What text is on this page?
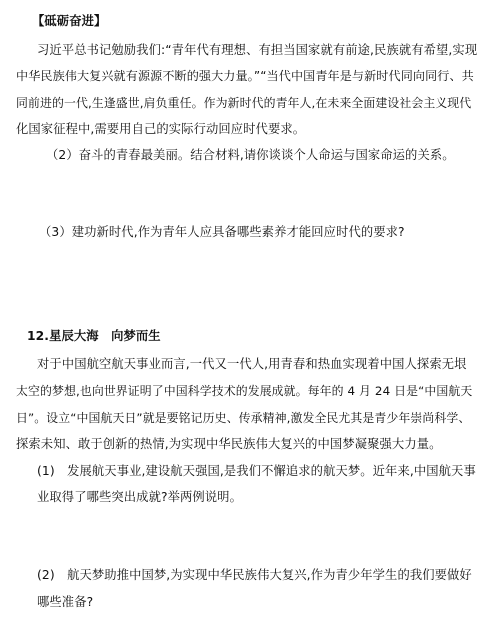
【砥砺奋进】
习近平总书记勉励我们:“青年代有理想、有担当国家就有前途,民族就有希望,实现
中华民族伟大复兴就有源源不断的强大力量。”“当代中国青年是与新时代同向同行、共
同前进的一代,生逢盛世,肩负重任。作为新时代的青年人,在未来全面建设社会主义现代
化国家征程中,需要用自己的实际行动回应时代要求。
（2）奋斗的青春最美丽。结合材料,请你谈谈个人命运与国家命运的关系。
（3）建功新时代,作为青年人应具备哪些素养才能回应时代的要求?
12.星辰大海　向梦而生
对于中国航空航天事业而言,一代又一代人,用青春和热血实现着中国人探索无垠
太空的梦想,也向世界证明了中国科学技术的发展成就。每年的 4 月 24 日是“中国航天
日”。设立“中国航天日”就是要铭记历史、传承精神,激发全民尤其是青少年崇尚科学、
探索未知、敢于创新的热情,为实现中华民族伟大复兴的中国梦凝聚强大力量。
(1)　发展航天事业,建设航天强国,是我们不懈追求的航天梦。近年来,中国航天事
业取得了哪些突出成就?举两例说明。
(2)　航天梦助推中国梦,为实现中华民族伟大复兴,作为青少年学生的我们要做好
哪些准备?
